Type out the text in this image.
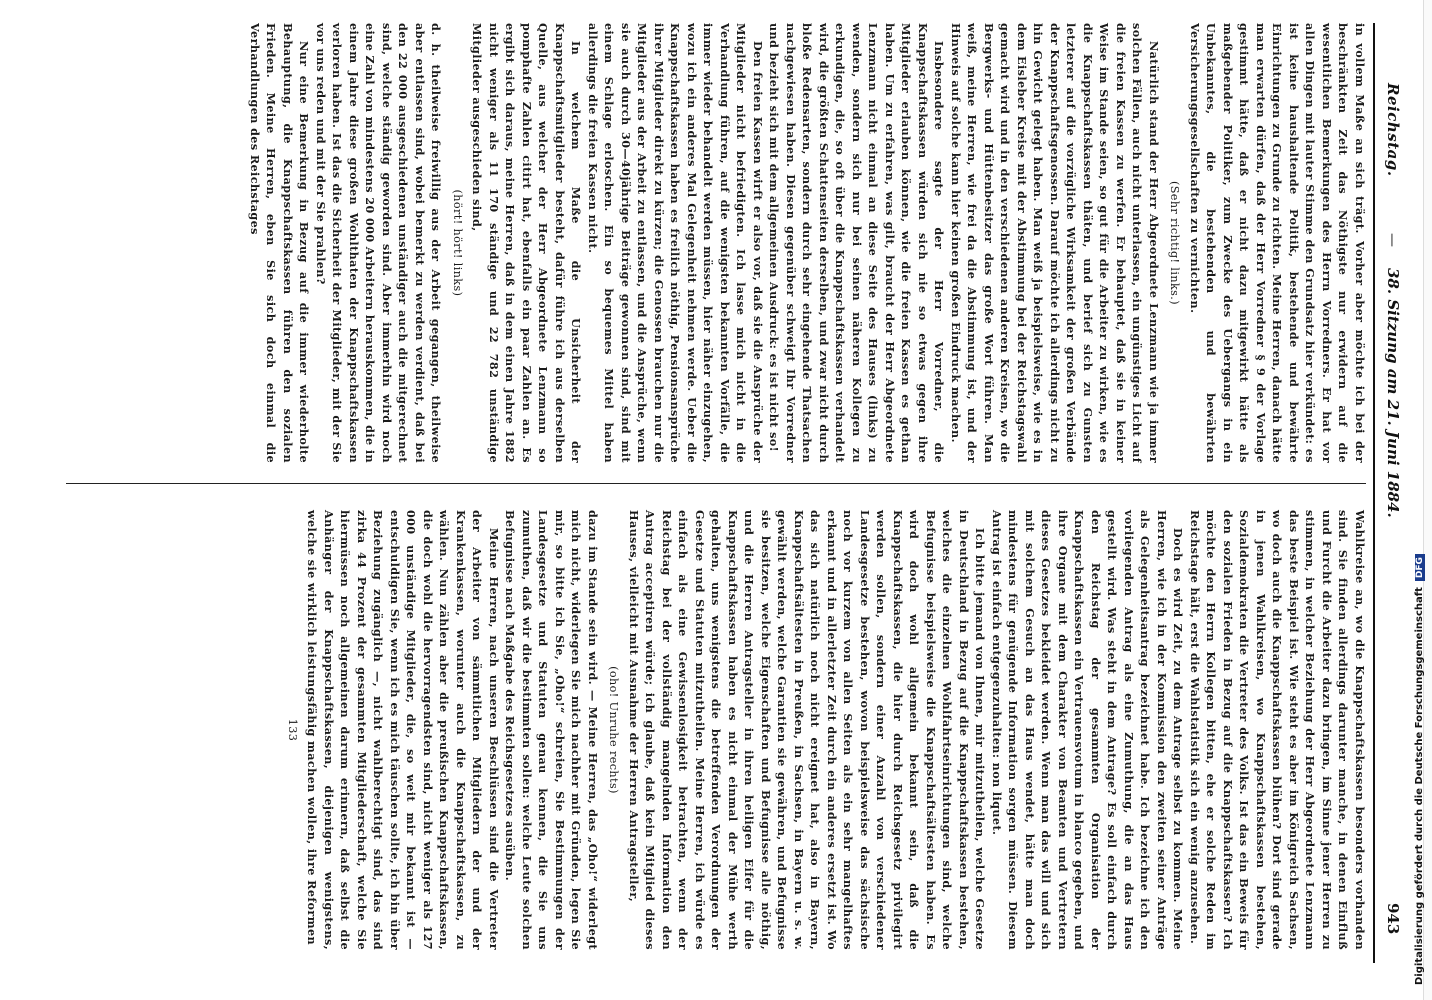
Reichstag.
—
38. Sitzung am 21. Juni 1884.
943

in vollem Maße an sich trägt. Vorher aber möchte ich bei der beschränkten Zeit das Nöthigste nur erwidern auf die wesentlichen Bemerkungen des Herrn Vorredners. Er hat vor allen Dingen mit lauter Stimme den Grundsatz hier verkündet: es ist keine haushaltende Politik, bestehende und bewährte Einrichtungen zu Grunde zu richten. Meine Herren, danach hätte man erwarten dürfen, daß der Herr Vorredner § 9 der Vorlage gestimmt hätte, daß er nicht dazu mitgewirkt hätte als maßgebender Politiker, zum Zwecke des Uebergangs in ein Unbekanntes, die bestehenden und bewährten Versicherungsgesellschaften zu vernichten.

(Sehr richtig! links.)

Natürlich stand der Herr Abgeordnete Lenzmann wie ja immer solchen Fällen, auch nicht unterlassen, ein ungünstiges Licht auf die freien Kassen zu werfen. Er behauptet, daß sie in keiner Weise im Stande seien, so gut für die Arbeiter zu wirken, wie es die Knappschaftskassen thäten, und berief sich zu Gunsten letzterer auf die vorzügliche Wirksamkeit der großen Verbände der Knappschaftsgenossen. Darauf möchte ich allerdings nicht zu hin Gewicht gelegt haben. Man weiß ja beispielsweise, wie es in dem Eisleber Kreise mit der Abstimmung bei der Reichstagswahl gemacht wird und in den verschiedenen anderen Kreisen, wo die Bergwerks- und Hüttenbesitzer das große Wort führen. Man weiß, meine Herren, wie frei da die Abstimmung ist, und der Hinweis auf solche kann hier keinen großen Eindruck machen.

Insbesondere sagte der Herr Vorredner, die Knappschaftskassen würden sich nie so etwas gegen ihre Mitglieder erlauben können, wie die freien Kassen es gethan haben. Um zu erfahren, was gilt, braucht der Herr Abgeordnete Lenzmann nicht einmal an diese Seite des Hauses (links) zu wenden, sondern sich nur bei seinen näheren Kollegen zu erkundigen, die, so oft über die Knappschaftskassen verhandelt wird, die größten Schattenseiten derselben, und zwar nicht durch bloße Redensarten, sondern durch sehr eingehende Thatsachen nachgewiesen haben. Diesen gegenüber schweigt Ihr Vorredner und bezieht sich mit dem allgemeinen Ausdruck: es ist nicht so!

Den freien Kassen wirft er also vor, daß sie die Ansprüche der Mitglieder nicht befriedigten. Ich lasse mich nicht in die Verhandlung führen, auf die wenigsten bekannten Vorfälle, die immer wieder behandelt werden müssen, hier näher einzugehen, wozu ich ein anderes Mal Gelegenheit nehmen werde. Ueber die Knappschaftskassen haben es freilich nöthig, Pensionsansprüche ihrer Mitglieder direkt zu kürzen; die Genossen brauchen nur die Mitglieder aus der Arbeit zu entlassen, und die Ansprüche, wenn sie auch durch 30—40jährige Beiträge gewonnen sind, sind mit einem Schlage erloschen. Ein so bequemes Mittel haben allerdings die freien Kassen nicht.

In welchem Maße die Unsicherheit der Knappschaftsmitglieder besteht, dafür führe ich aus derselben Quelle, aus welcher der Herr Abgeordnete Lenzmann so pomphafte Zahlen citirt hat, ebenfalls ein paar Zahlen an. Es ergibt sich daraus, meine Herren, daß in dem einen Jahre 1882 nicht weniger als 11 170 ständige und 22 782 unständige Mitglieder ausgeschieden sind,

(hört! hört! links)

d. h. theilweise freiwillig aus der Arbeit gegangen, theilweise aber entlassen sind, wobei bemerkt zu werden verdient, daß bei den 22 000 ausgeschiedenen unständiger auch die mitgerechnet sind, welche ständig geworden sind. Aber immerhin wird noch eine Zahl von mindestens 20 000 Arbeitern herauskommen, die in einem Jahre diese großen Wohlthaten der Knappschaftskassen verloren haben. Ist das die Sicherheit der Mitglieder, mit der Sie vor uns reden und mit der Sie prahlen?

Nur eine Bemerkung in Bezug auf die immer wiederholte Behauptung, die Knappschaftskassen führen den sozialen Frieden. Meine Herren, eben Sie sich doch einmal die Verhandlungen des Reichstages

Wahlkreise an, wo die Knappschaftskassen besonders vorhanden sind. Sie finden allerdings darunter manche, in denen Einfluß und Furcht die Arbeiter dazu bringen, im Sinne jener Herren zu stimmen, in welcher Beziehung der Herr Abgeordnete Lenzmann das beste Beispiel ist. Wie steht es aber im Königreich Sachsen, wo doch auch die Knappschaftskassen blühen? Dort sind gerade in jenen Wahlkreisen, wo Knappschaftskassen bestehen, Sozialdemokraten die Vertreter des Volks. Ist das ein Beweis für den sozialen Frieden in Bezug auf die Knappschaftskassen? Ich möchte den Herrn Kollegen bitten, ehe er solche Reden im Reichstage hält, erst die Wahlstatistik sich ein wenig anzusehen.

Doch es wird Zeit, zu dem Antrage selbst zu kommen. Meine Herren, wie ich in der Kommission den zweiten seiner Anträge als Gelegenheitsantrag bezeichnet habe. Ich bezeichne ich den vorliegenden Antrag als eine Zumuthung, die an das Haus gestellt wird. Was steht in dem Antrage? Es soll einfach durch den Reichstag der gesammten Organisation der Knappschaftskassen ein Vertrauensvotum in blanco gegeben, und ihre Organe mit dem Charakter von Beamten und Vertretern dieses Gesetzes bekleidet werden. Wenn man das will und sich mit solchem Gesuch an das Haus wendet, hätte man doch mindestens für genügende Information sorgen müssen. Diesem Antrag ist einfach entgegenzuhalten: non liquet.

Ich bitte jemand von Ihnen, mir mitzutheilen, welche Gesetze in Deutschland in Bezug auf die Knappschaftskassen bestehen, welches die einzelnen Wohlfahrtseinrichtungen sind, welche Befugnisse beispielsweise die Knappschaftsältesten haben. Es wird doch wohl allgemein bekannt sein, daß die Knappschaftskassen, die hier durch Reichsgesetz privilegirt werden sollen, sondern einer Anzahl von verschiedener Landesgesetze bestehen, wovon beispielsweise das sächsische noch vor kurzem von allen Seiten als ein sehr mangelhaftes erkannt und in allerletzter Zeit durch ein anderes ersetzt ist. Wo das sich natürlich noch nicht ereignet hat, also in Bayern, Knappschaftsältesten in Preußen, in Sachsen, in Bayern u. s. w. gewählt werden, welche Garantien sie gewähren, und Befugnisse sie besitzen, welche Eigenschaften und Befugnisse alle nöthig, und die Herren Antragsteller in ihren heiligen Eifer für die Knappschaftskassen haben es nicht einmal der Mühe werth gehalten, uns wenigstens die betreffenden Verordnungen der Gesetze und Statuten mitzutheilen. Meine Herren, ich würde es einfach als eine Gewissenlosigkeit betrachten, wenn der Reichstag bei der vollständig mangelnden Information den Antrag acceptiren würde; ich glaube, daß kein Mitglied dieses Hauses, vielleicht mit Ausnahme der Herren Antragsteller,

(oho! Unruhe rechts)

dazu im Stande sein wird. — Meine Herren, das „Oho!“ widerlegt mich nicht, widerlegen Sie mich nachher mit Gründen, legen Sie mir, so bitte ich Sie, „Oho!“ schreien, Sie Bestimmungen der Landesgesetze und Statuten genau kennen, die Sie uns zumuthen, daß wir die bestimmten sollen: welche Leute solchen Befugnisse nach Maßgabe des Reichsgesetzes ausüben.

Meine Herren, nach unseren Beschlüssen sind die Vertreter der Arbeiter von sämmtlichen Mitgliedern der und der Krankenkassen, worunter auch die Knappschaftskassen, zu wählen. Nun zählen aber die preußischen Knappschaftskassen, die doch wohl die hervorragendsten sind, nicht weniger als 127 000 unständige Mitglieder, die, so weit mir bekannt ist — entschuldigen Sie, wenn ich es mich täuschen sollte, ich bin über Beziehung zugänglich —, nicht wahlberechtigt sind, das sind zirka 44 Prozent der gesammten Mitgliederschaft, welche Sie hiermüssen noch allgemeinen darum erinnern, daß selbst die Anhänger der Knappschaftskassen, diejenigen wenigstens, welche sie wirklich leistungsfähig machen wollen, ihre Reformen

133	Digitalisierung gefördert durch die Deutsche ForschungsgemeinschaftDFG
